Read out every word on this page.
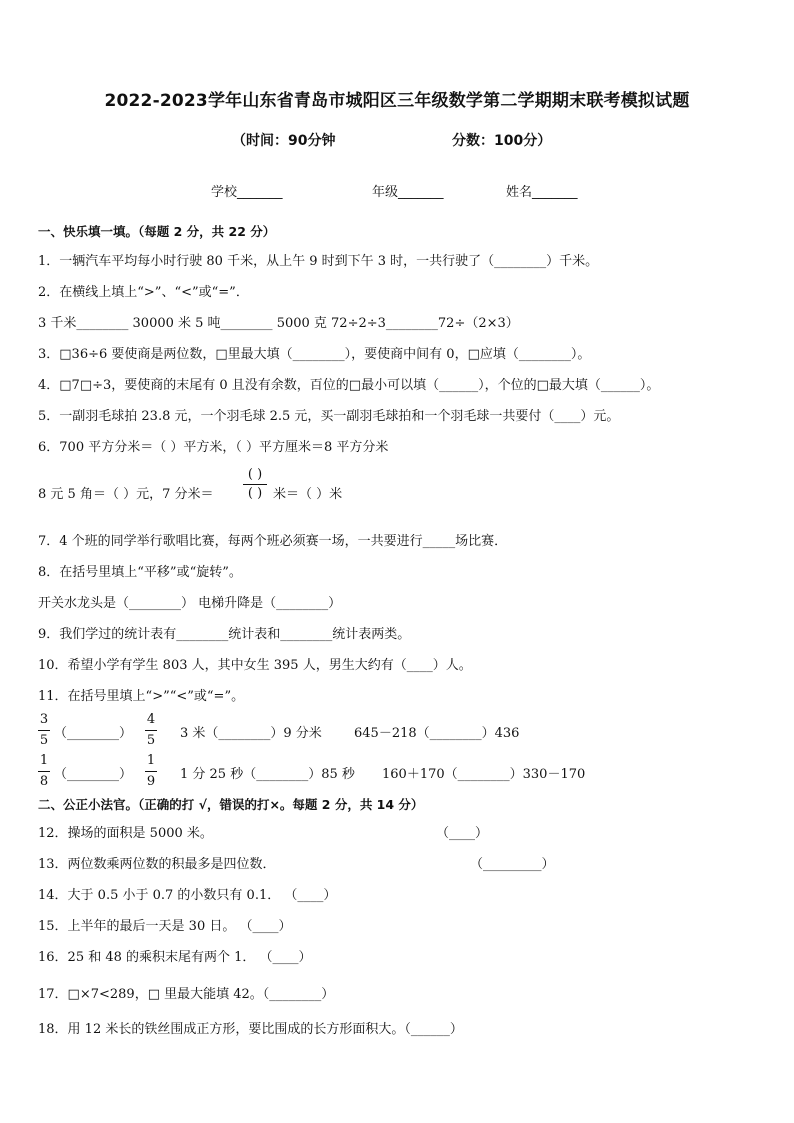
2022-2023学年山东省青岛市城阳区三年级数学第二学期期末联考模拟试题
（时间：90分钟	分数：100分）
学校_______	年级_______	姓名_______
一、快乐填一填。（每题 2 分，共 22 分）
1．一辆汽车平均每小时行驶 80 千米，从上午 9 时到下午 3 时，一共行驶了（________）千米。
2．在横线上填上“>”、“<”或“=”．
3 千米________ 30000 米 5 吨________ 5000 克 72÷2÷3________72÷（2×3）
3．□36÷6 要使商是两位数，□里最大填（________），要使商中间有 0，□应填（________）。
4．□7□÷3，要使商的末尾有 0 且没有余数，百位的□最小可以填（______），个位的□最大填（______）。
5．一副羽毛球拍 23.8 元，一个羽毛球 2.5 元，买一副羽毛球拍和一个羽毛球一共要付（____）元。
6．700 平方分米＝（ ）平方米，（ ）平方厘米＝8 平方分米
8 元 5 角＝（ ）元，7 分米＝
( )
( ) 米＝（ ）米
7．4 个班的同学举行歌唱比赛，每两个班必须赛一场，一共要进行_____场比赛．
8．在括号里填上“平移”或“旋转”。
开关水龙头是（________） 电梯升降是（________）
9．我们学过的统计表有________统计表和________统计表两类。
10．希望小学有学生 803 人，其中女生 395 人，男生大约有（____）人。
11．在括号里填上“>”“<”或“=”。
3
5 （________）
4
5 3 米（________）9 分米 645－218（________）436
1
8 （________）
1
9 1 分 25 秒（________）85 秒 160＋170（________）330－170
二、公正小法官。（正确的打 √，错误的打×。每题 2 分，共 14 分）
12．操场的面积是 5000 米。	（____）
13．两位数乘两位数的积最多是四位数．	（_________）
14．大于 0.5 小于 0.7 的小数只有 0.1． （____）
15．上半年的最后一天是 30 日。 （____）
16．25 和 48 的乘积末尾有两个 1． （____）
17．□×7<289，□ 里最大能填 42。（________）
18．用 12 米长的铁丝围成正方形，要比围成的长方形面积大。（______）
